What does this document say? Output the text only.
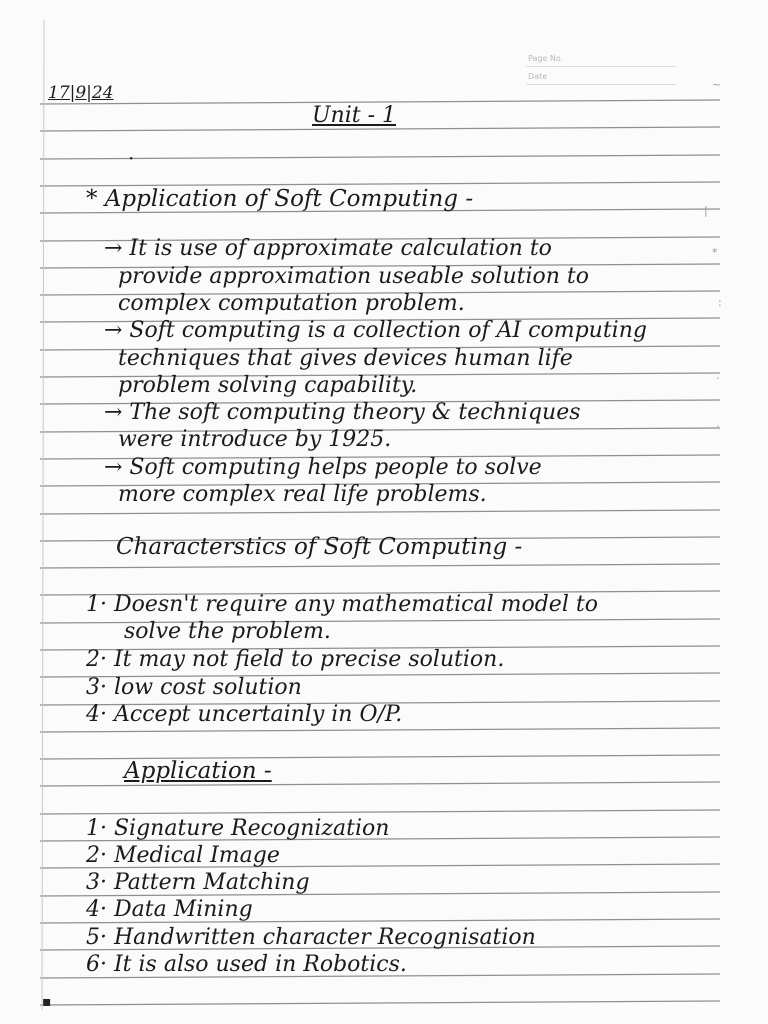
Page No.
Date
17|9|24
Unit - 1
·
* Application of Soft Computing -
→ It is use of approximate calculation to
provide approximation useable solution to
complex computation problem.
→ Soft computing is a collection of AI computing
techniques that gives devices human life
problem solving capability.
→ The soft computing theory & techniques
were introduce by 1925.
→ Soft computing helps people to solve
more complex real life problems.
Characterstics of Soft Computing -
1· Doesn't require any mathematical model to
solve the problem.
2· It may not field to precise solution.
3· low cost solution
4· Accept uncertainly in O/P.
Application -
1· Signature Recognization
2· Medical Image
3· Pattern Matching
4· Data Mining
5· Handwritten character Recognisation
6· It is also used in Robotics.
~
|
*
:
·
·
▪
